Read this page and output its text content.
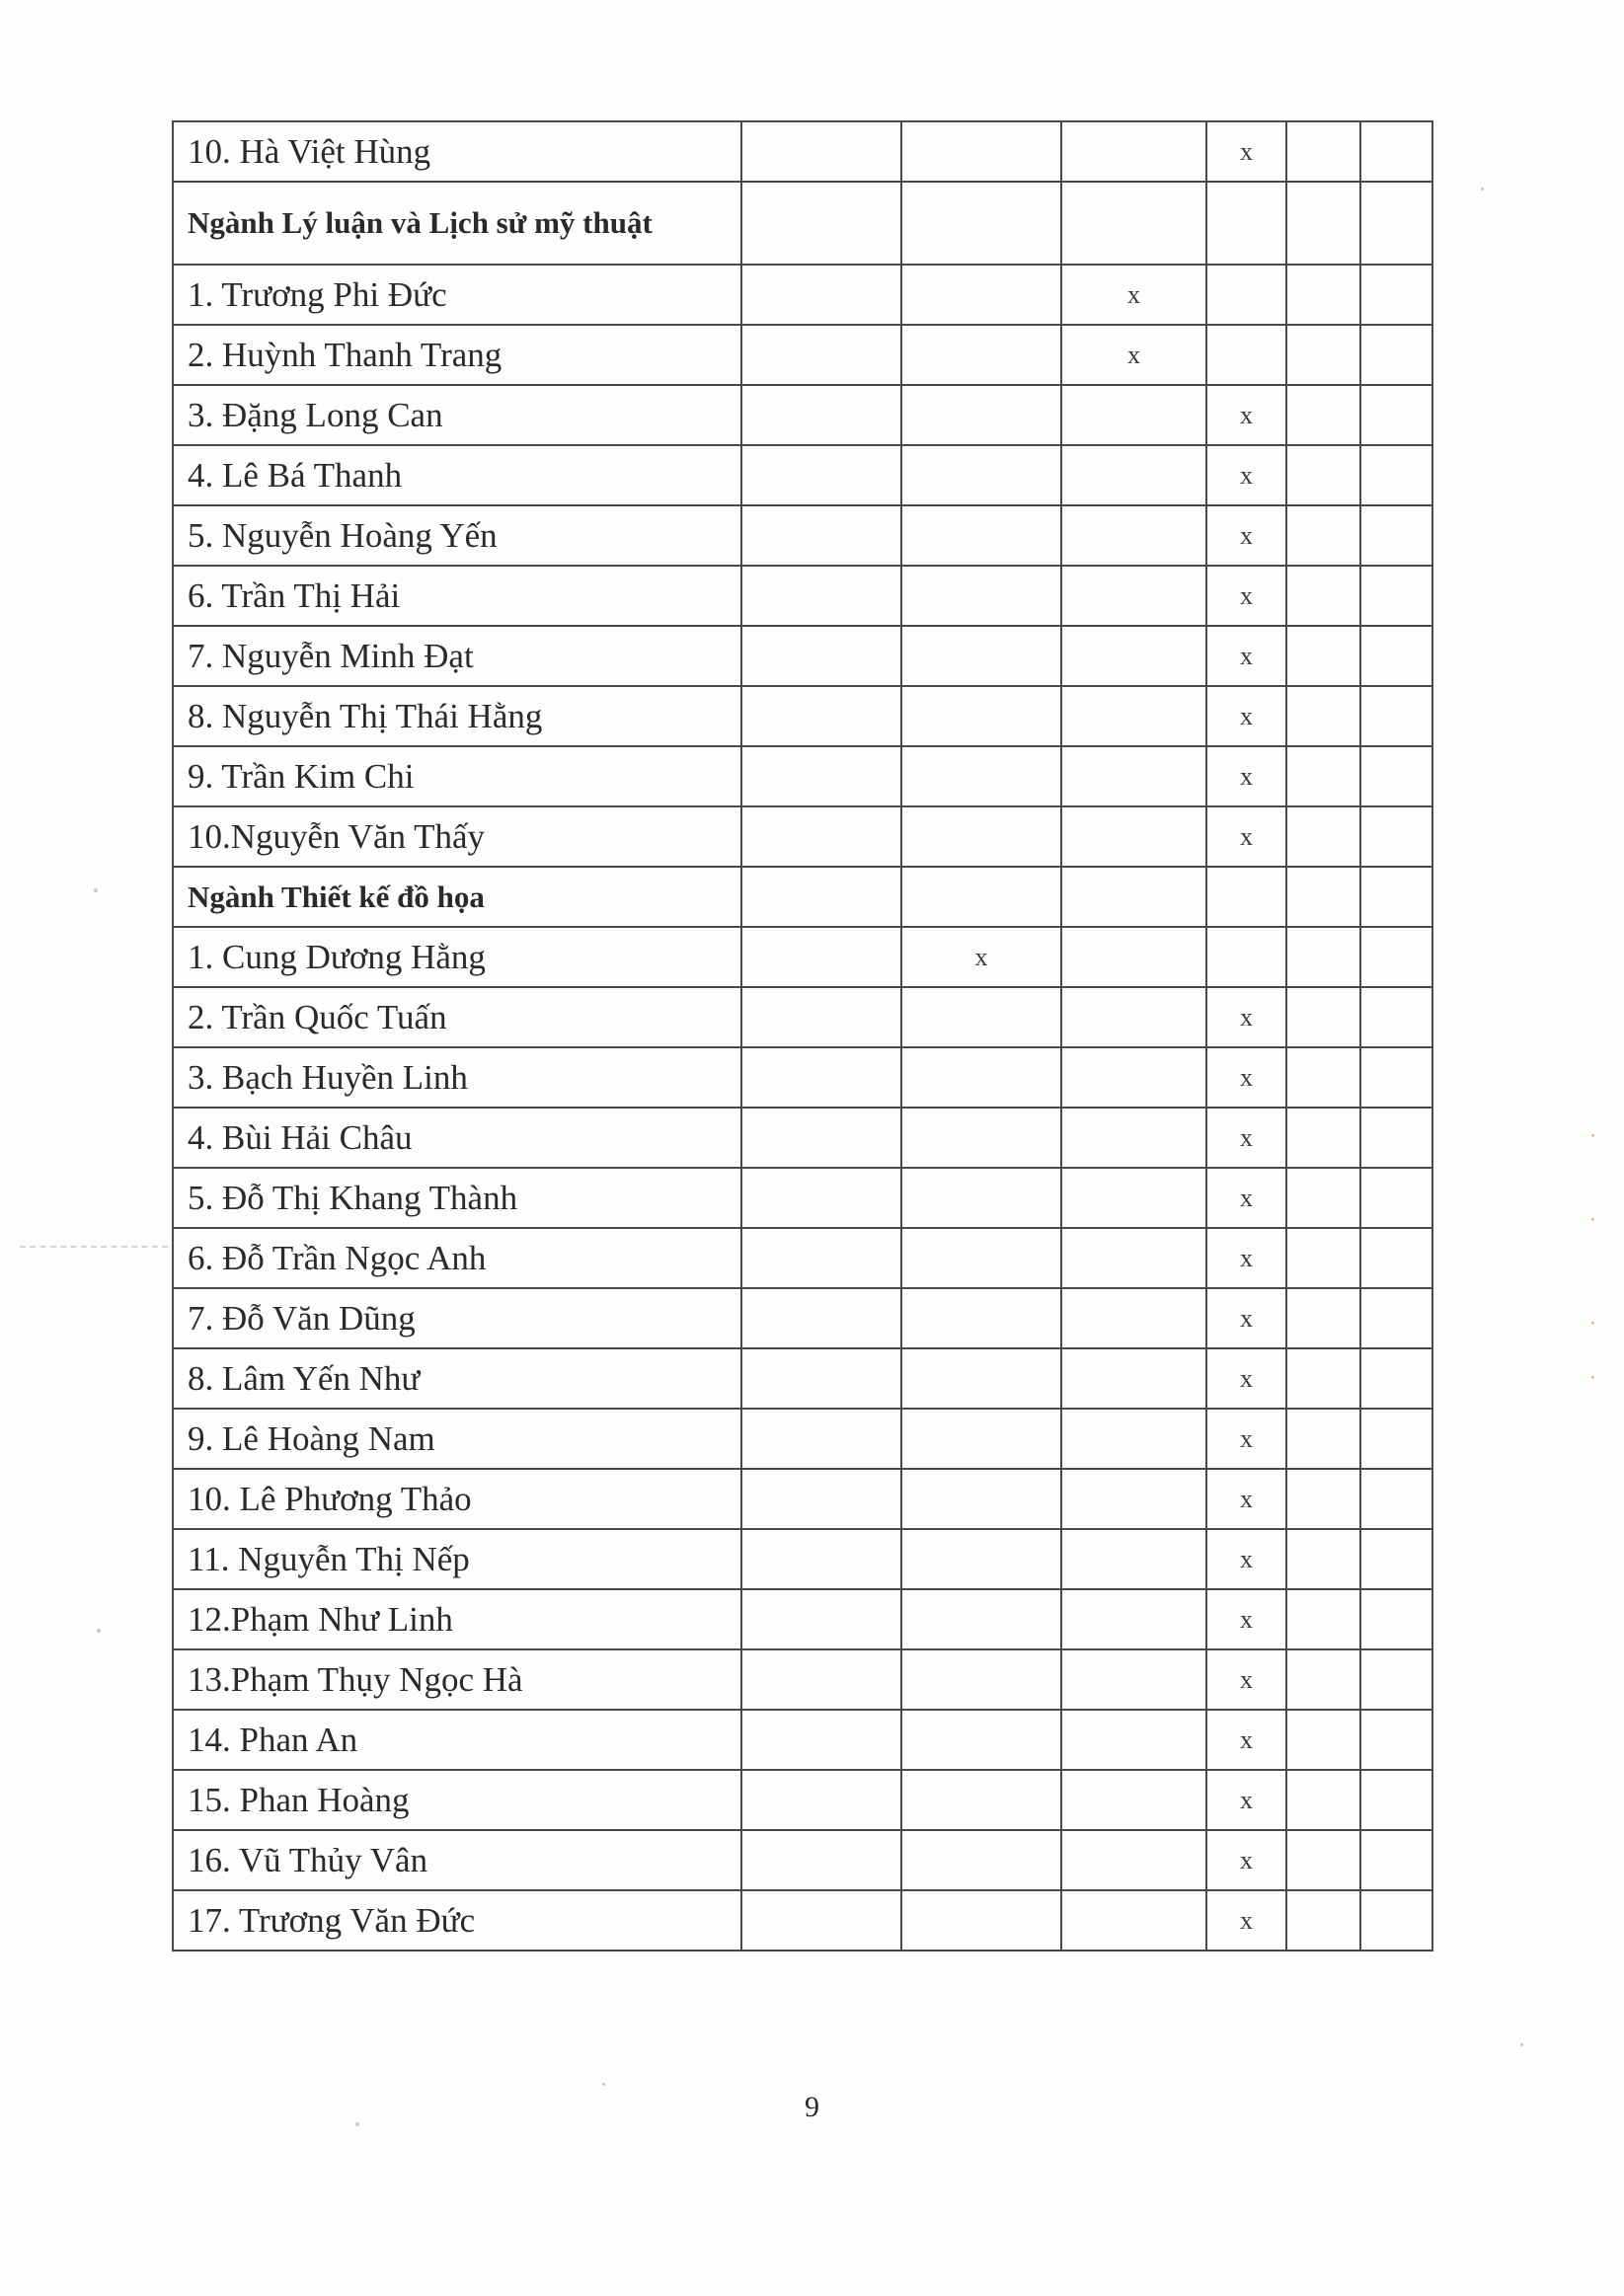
10. Hà Việt Hùng				x		
Ngành Lý luận và Lịch sử mỹ thuật						
1. Trương Phi Đức			x			
2. Huỳnh Thanh Trang			x			
3. Đặng Long Can				x		
4. Lê Bá Thanh				x		
5. Nguyễn Hoàng Yến				x		
6. Trần Thị Hải				x		
7. Nguyễn Minh Đạt				x		
8. Nguyễn Thị Thái Hằng				x		
9. Trần Kim Chi				x		
10.Nguyễn Văn Thấy				x		
Ngành Thiết kế đồ họa						
1. Cung Dương Hằng		x				
2. Trần Quốc Tuấn				x		
3. Bạch Huyền Linh				x		
4. Bùi Hải Châu				x		
5. Đỗ Thị Khang Thành				x		
6. Đỗ Trần Ngọc Anh				x		
7. Đỗ Văn Dũng				x		
8. Lâm Yến Như				x		
9. Lê Hoàng Nam				x		
10. Lê Phương Thảo				x		
11. Nguyễn Thị Nếp				x		
12.Phạm Như Linh				x		
13.Phạm Thụy Ngọc Hà				x		
14. Phan An				x		
15. Phan Hoàng				x		
16. Vũ Thủy Vân				x		
17. Trương Văn Đức				x		
9
·
·
·
·
